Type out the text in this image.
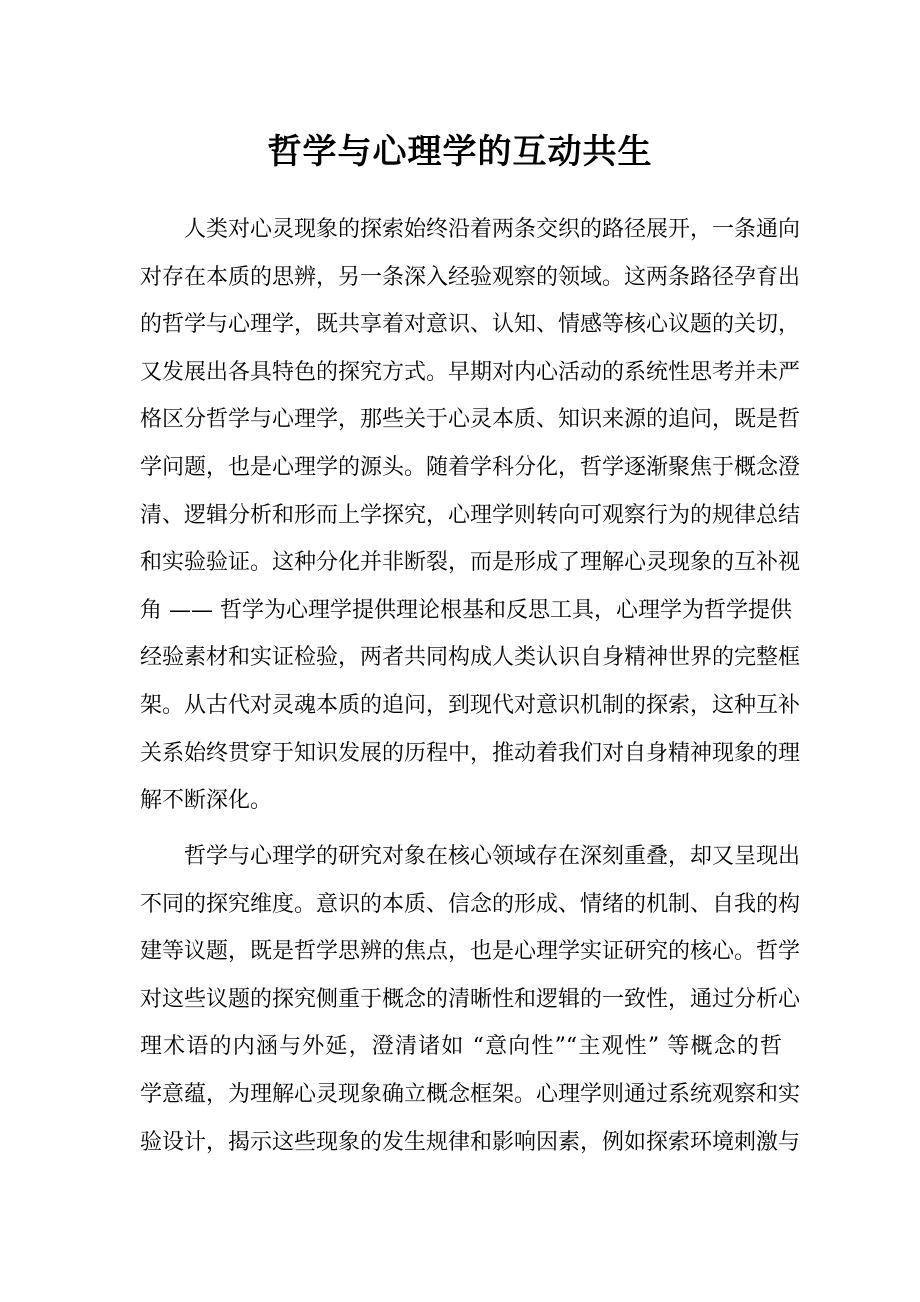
哲学与心理学的互动共生
人类对心灵现象的探索始终沿着两条交织的路径展开，一条通向
对存在本质的思辨，另一条深入经验观察的领域。这两条路径孕育出
的哲学与心理学，既共享着对意识、认知、情感等核心议题的关切，
又发展出各具特色的探究方式。早期对内心活动的系统性思考并未严
格区分哲学与心理学，那些关于心灵本质、知识来源的追问，既是哲
学问题，也是心理学的源头。随着学科分化，哲学逐渐聚焦于概念澄
清、逻辑分析和形而上学探究，心理学则转向可观察行为的规律总结
和实验验证。这种分化并非断裂，而是形成了理解心灵现象的互补视
角 —— 哲学为心理学提供理论根基和反思工具，心理学为哲学提供
经验素材和实证检验，两者共同构成人类认识自身精神世界的完整框
架。从古代对灵魂本质的追问，到现代对意识机制的探索，这种互补
关系始终贯穿于知识发展的历程中，推动着我们对自身精神现象的理
解不断深化。
哲学与心理学的研究对象在核心领域存在深刻重叠，却又呈现出
不同的探究维度。意识的本质、信念的形成、情绪的机制、自我的构
建等议题，既是哲学思辨的焦点，也是心理学实证研究的核心。哲学
对这些议题的探究侧重于概念的清晰性和逻辑的一致性，通过分析心
理术语的内涵与外延，澄清诸如 “意向性”“主观性” 等概念的哲
学意蕴，为理解心灵现象确立概念框架。心理学则通过系统观察和实
验设计，揭示这些现象的发生规律和影响因素，例如探索环境刺激与
